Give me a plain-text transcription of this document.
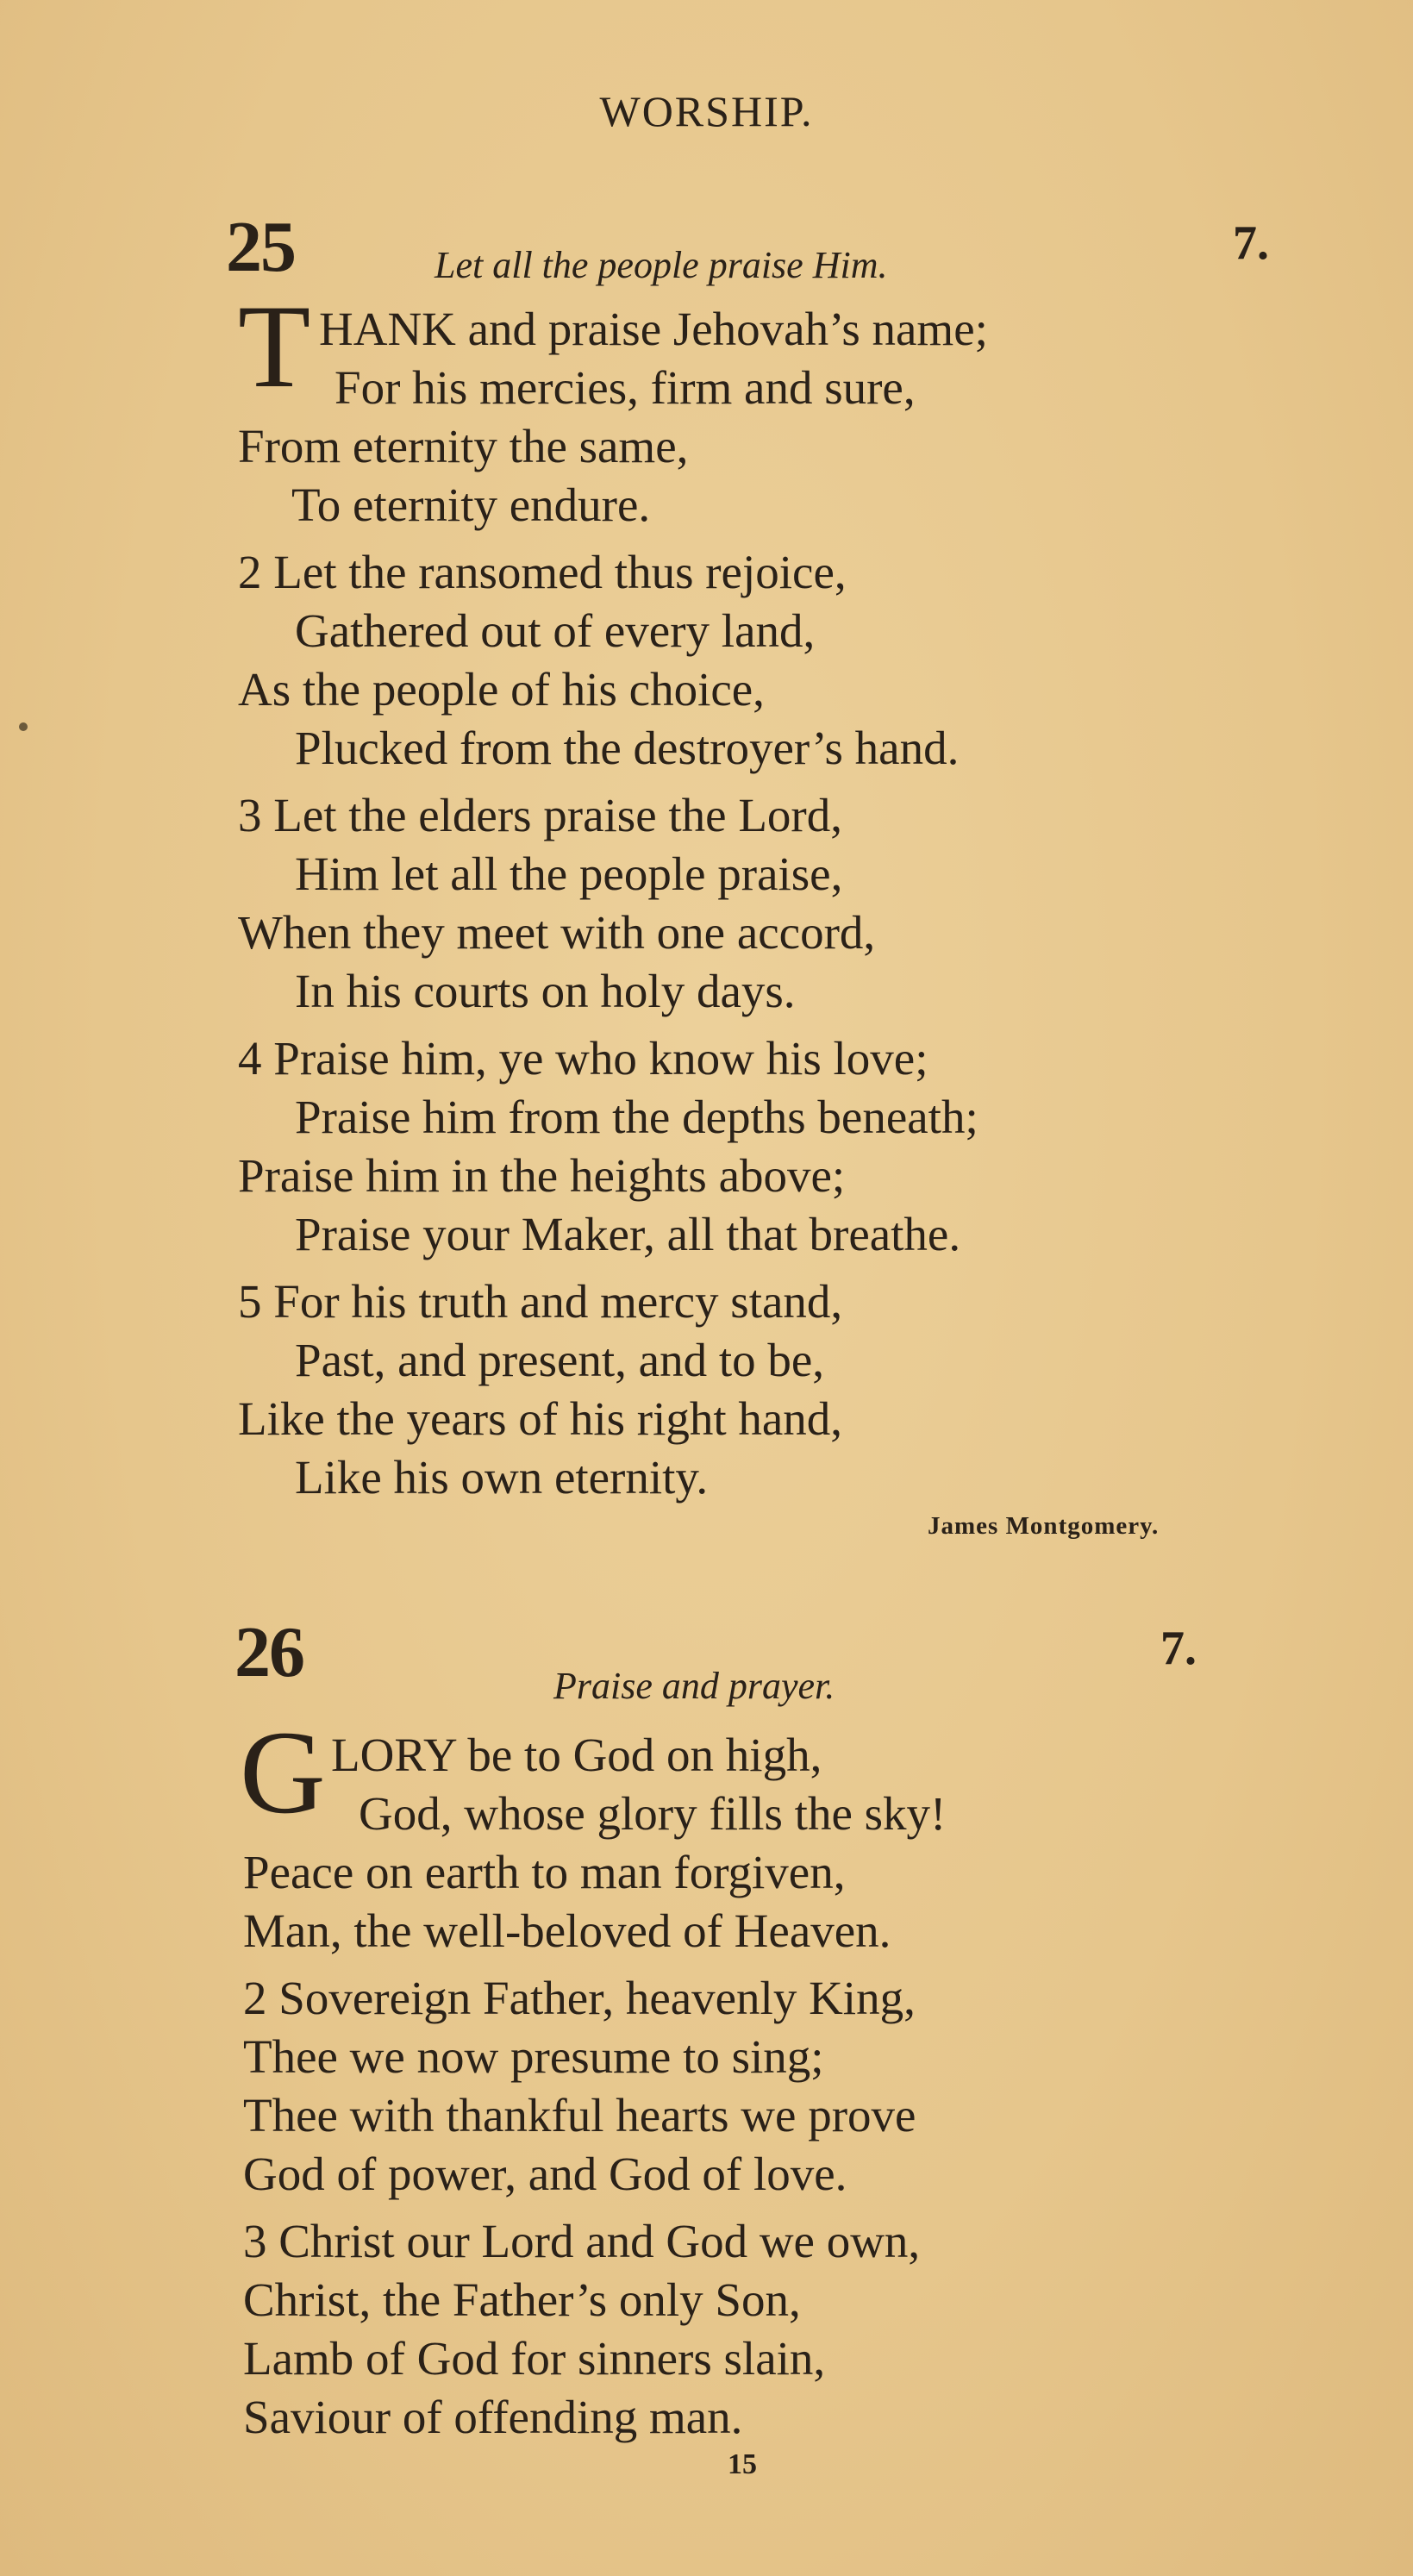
WORSHIP.
25	Let all the people praise Him.	7.
T HANK and praise Jehovah’s name;
For his mercies, firm and sure,
From eternity the same,
To eternity endure.
2 Let the ransomed thus rejoice,
Gathered out of every land,
As the people of his choice,
Plucked from the destroyer’s hand.
3 Let the elders praise the Lord,
Him let all the people praise,
When they meet with one accord,
In his courts on holy days.
4 Praise him, ye who know his love;
Praise him from the depths beneath;
Praise him in the heights above;
Praise your Maker, all that breathe.
5 For his truth and mercy stand,
Past, and present, and to be,
Like the years of his right hand,
Like his own eternity.
James Montgomery.
26	7.
Praise and prayer.
G LORY be to God on high,
God, whose glory fills the sky!
Peace on earth to man forgiven,
Man, the well-beloved of Heaven.
2 Sovereign Father, heavenly King,
Thee we now presume to sing;
Thee with thankful hearts we prove
God of power, and God of love.
3 Christ our Lord and God we own,
Christ, the Father’s only Son,
Lamb of God for sinners slain,
Saviour of offending man.
15
